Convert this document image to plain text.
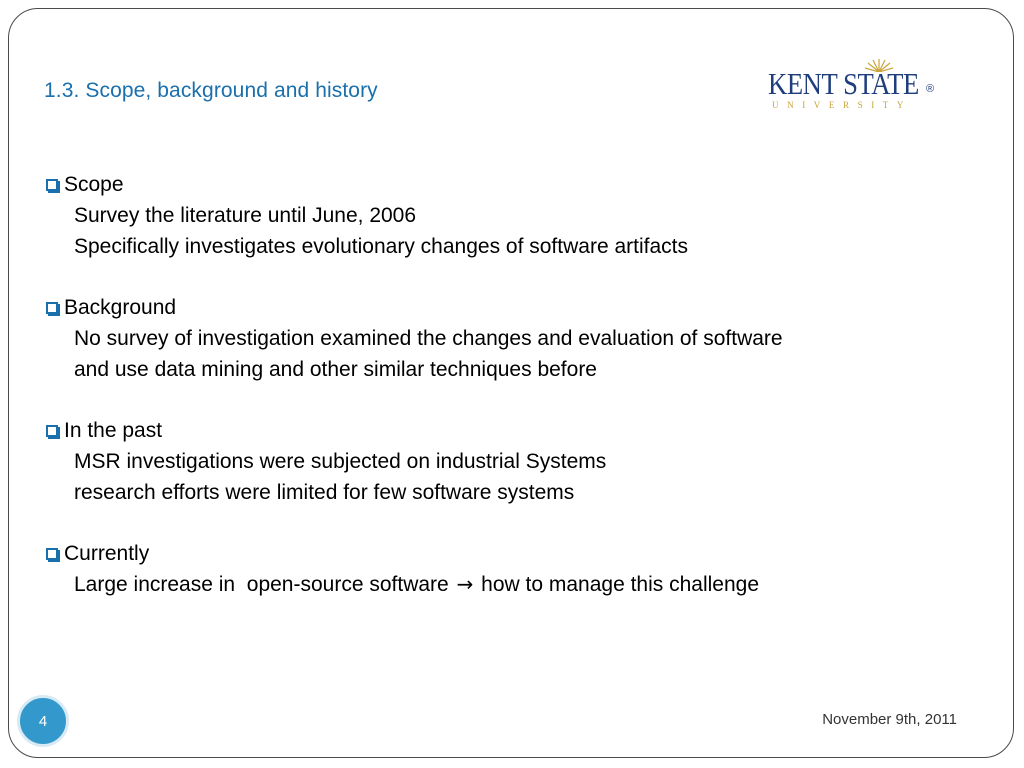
1.3. Scope, background and history	KENT STATE ®
UNIVERSITY
Scope
Survey the literature until June, 2006
Specifically investigates evolutionary changes of software artifacts
Background
No survey of investigation examined the changes and evaluation of software
and use data mining and other similar techniques before
In the past
MSR investigations were subjected on industrial Systems
research efforts were limited for few software systems
Currently
Large increase in  open-source software → how to manage this challenge
4	November 9th, 2011
